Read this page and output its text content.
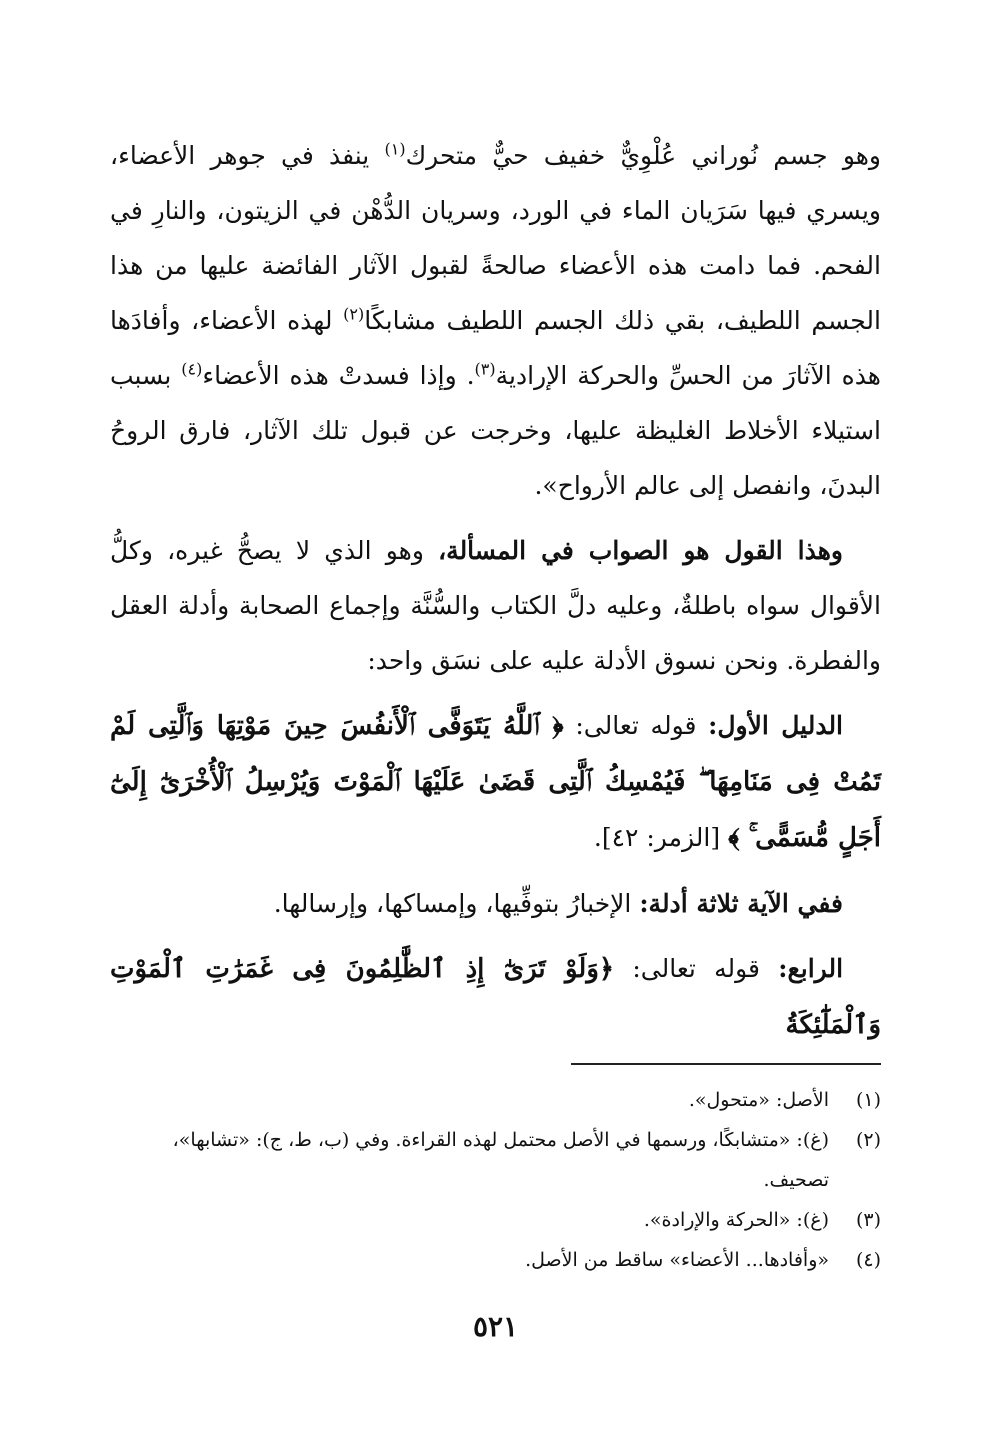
وهو جسم نُوراني عُلْوِيٌّ خفيف حيٌّ متحرك$^{(١)}$ ينفذ في جوهر الأعضاء، ويسري فيها سَرَيان الماء في الورد، وسريان الدُّهْن في الزيتون، والنارِ في الفحم. فما دامت هذه الأعضاء صالحةً لقبول الآثار الفائضة عليها من هذا الجسم اللطيف، بقي ذلك الجسم اللطيف مشابكًا$^{(٢)}$ لهذه الأعضاء، وأفادَها هذه الآثارَ من الحسِّ والحركة الإرادية$^{(٣)}$. وإذا فسدتْ هذه الأعضاء$^{(٤)}$ بسبب استيلاء الأخلاط الغليظة عليها، وخرجت عن قبول تلك الآثار، فارق الروحُ البدنَ، وانفصل إلى عالم الأرواح».

وهذا القول هو الصواب في المسألة، وهو الذي لا يصحُّ غيره، وكلُّ الأقوال سواه باطلةٌ، وعليه دلَّ الكتاب والسُّنَّة وإجماع الصحابة وأدلة العقل والفطرة. ونحن نسوق الأدلة عليه على نسَق واحد:

الدليل الأول: قوله تعالى: ﴿ ٱللَّهُ يَتَوَفَّى ٱلْأَنفُسَ حِينَ مَوْتِهَا وَٱلَّتِى لَمْ تَمُتْ فِى مَنَامِهَا ۖ فَيُمْسِكُ ٱلَّتِى قَضَىٰ عَلَيْهَا ٱلْمَوْتَ وَيُرْسِلُ ٱلْأُخْرَىٰٓ إِلَىٰٓ أَجَلٍ مُّسَمًّى ۚ ﴾ [الزمر: ٤٢].

ففي الآية ثلاثة أدلة: الإخبارُ بتوفِّيها، وإمساكها، وإرسالها.

الرابع: قوله تعالى: ﴿وَلَوْ تَرَىٰٓ إِذِ ٱلظَّٰلِمُونَ فِى غَمَرَٰتِ ٱلْمَوْتِ وَٱلْمَلَٰٓئِكَةُ

(١)
الأصل: «متحول».

(٢)
(غ): «متشابكًا، ورسمها في الأصل محتمل لهذه القراءة. وفي (ب، ط، ج): «تشابها»، تصحيف.

(٣)
(غ): «الحركة والإرادة».

(٤)
«وأفادها... الأعضاء» ساقط من الأصل.

٥٢١
